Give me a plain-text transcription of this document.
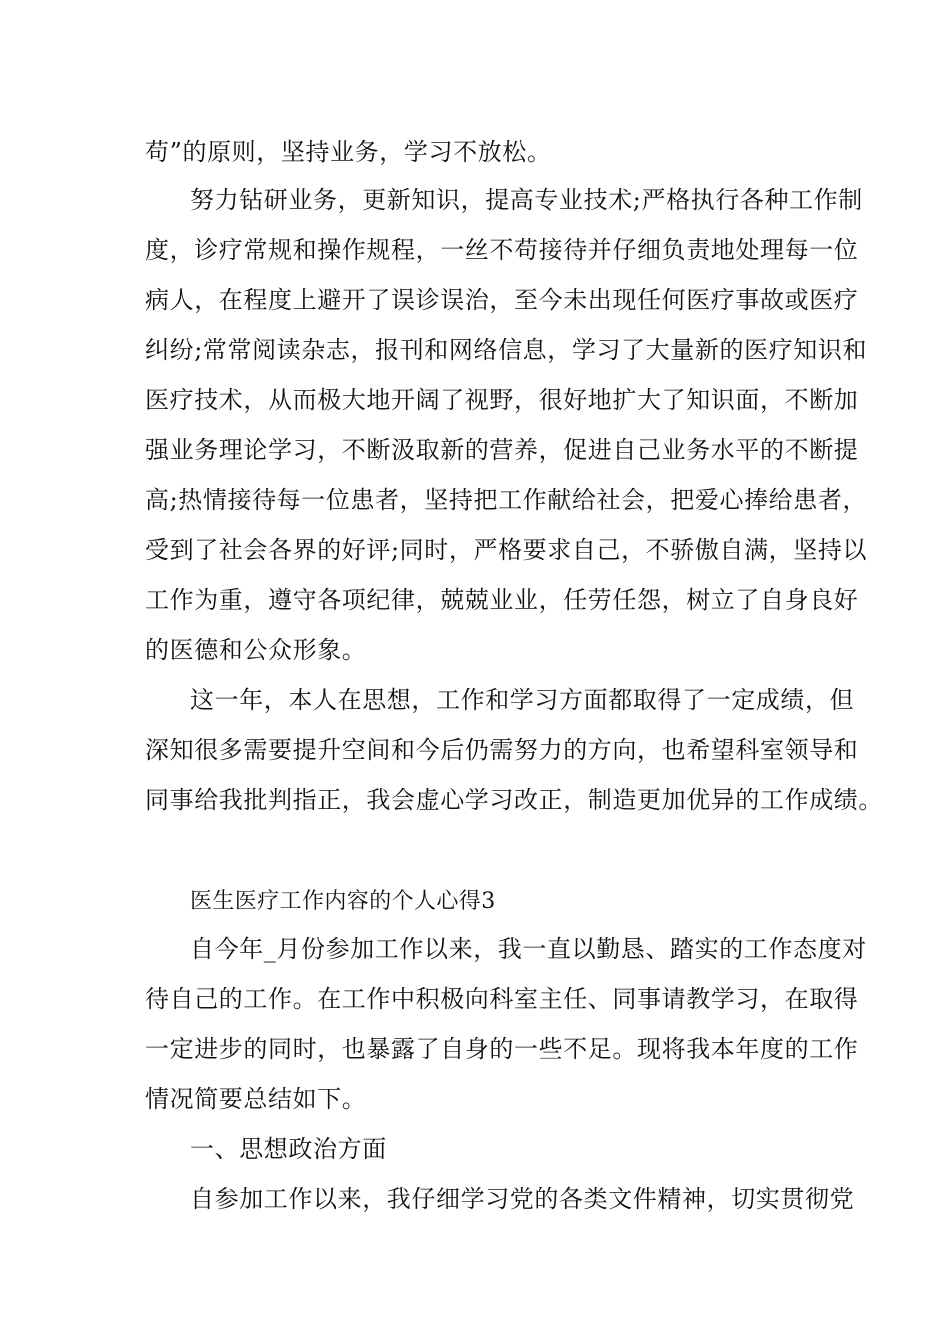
苟”的原则，坚持业务，学习不放松。
努力钻研业务，更新知识，提高专业技术;严格执行各种工作制
度，诊疗常规和操作规程，一丝不苟接待并仔细负责地处理每一位
病人，在程度上避开了误诊误治，至今未出现任何医疗事故或医疗
纠纷;常常阅读杂志，报刊和网络信息，学习了大量新的医疗知识和
医疗技术，从而极大地开阔了视野，很好地扩大了知识面，不断加
强业务理论学习，不断汲取新的营养，促进自己业务水平的不断提
高;热情接待每一位患者，坚持把工作献给社会，把爱心捧给患者，
受到了社会各界的好评;同时，严格要求自己，不骄傲自满，坚持以
工作为重，遵守各项纪律，兢兢业业，任劳任怨，树立了自身良好
的医德和公众形象。
这一年，本人在思想，工作和学习方面都取得了一定成绩，但
深知很多需要提升空间和今后仍需努力的方向，也希望科室领导和
同事给我批判指正，我会虚心学习改正，制造更加优异的工作成绩。
医生医疗工作内容的个人心得3
自今年_月份参加工作以来，我一直以勤恳、踏实的工作态度对
待自己的工作。在工作中积极向科室主任、同事请教学习，在取得
一定进步的同时，也暴露了自身的一些不足。现将我本年度的工作
情况简要总结如下。
一、思想政治方面
自参加工作以来，我仔细学习党的各类文件精神，切实贯彻党
